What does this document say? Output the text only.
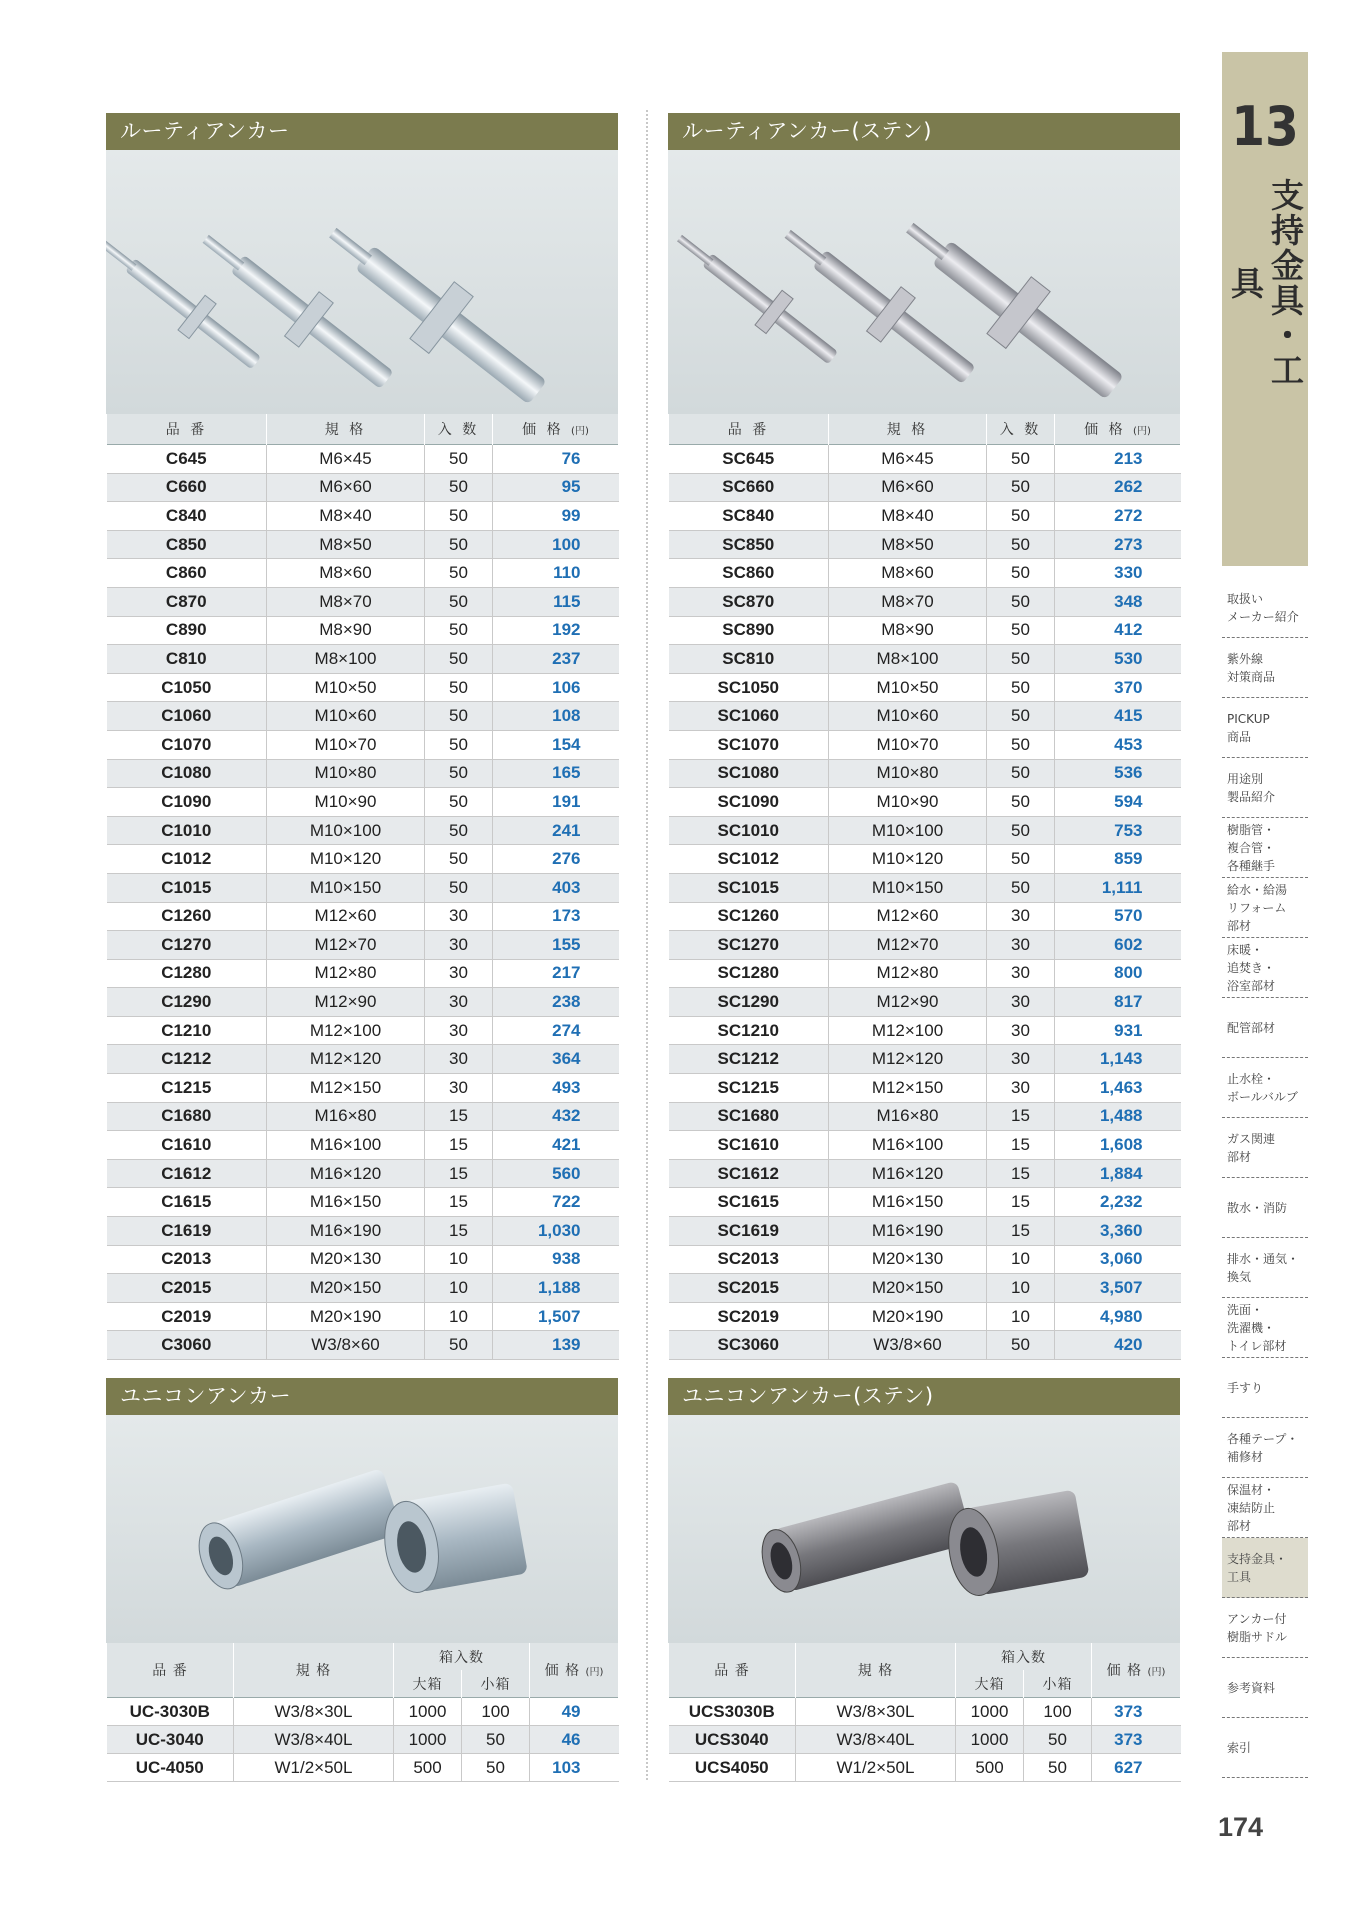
ルーティアンカー
品 番	規 格	入 数	価 格 (円)
C645	M6×45	50	76
C660	M6×60	50	95
C840	M8×40	50	99
C850	M8×50	50	100
C860	M8×60	50	110
C870	M8×70	50	115
C890	M8×90	50	192
C810	M8×100	50	237
C1050	M10×50	50	106
C1060	M10×60	50	108
C1070	M10×70	50	154
C1080	M10×80	50	165
C1090	M10×90	50	191
C1010	M10×100	50	241
C1012	M10×120	50	276
C1015	M10×150	50	403
C1260	M12×60	30	173
C1270	M12×70	30	155
C1280	M12×80	30	217
C1290	M12×90	30	238
C1210	M12×100	30	274
C1212	M12×120	30	364
C1215	M12×150	30	493
C1680	M16×80	15	432
C1610	M16×100	15	421
C1612	M16×120	15	560
C1615	M16×150	15	722
C1619	M16×190	15	1,030
C2013	M20×130	10	938
C2015	M20×150	10	1,188
C2019	M20×190	10	1,507
C3060	W3/8×60	50	139
ルーティアンカー(ステン)
品 番	規 格	入 数	価 格 (円)
SC645	M6×45	50	213
SC660	M6×60	50	262
SC840	M8×40	50	272
SC850	M8×50	50	273
SC860	M8×60	50	330
SC870	M8×70	50	348
SC890	M8×90	50	412
SC810	M8×100	50	530
SC1050	M10×50	50	370
SC1060	M10×60	50	415
SC1070	M10×70	50	453
SC1080	M10×80	50	536
SC1090	M10×90	50	594
SC1010	M10×100	50	753
SC1012	M10×120	50	859
SC1015	M10×150	50	1,111
SC1260	M12×60	30	570
SC1270	M12×70	30	602
SC1280	M12×80	30	800
SC1290	M12×90	30	817
SC1210	M12×100	30	931
SC1212	M12×120	30	1,143
SC1215	M12×150	30	1,463
SC1680	M16×80	15	1,488
SC1610	M16×100	15	1,608
SC1612	M16×120	15	1,884
SC1615	M16×150	15	2,232
SC1619	M16×190	15	3,360
SC2013	M20×130	10	3,060
SC2015	M20×150	10	3,507
SC2019	M20×190	10	4,980
SC3060	W3/8×60	50	420
ユニコンアンカー
品 番	規 格	箱入数		価 格 (円)
		大箱	小箱	
UC-3030B	W3/8×30L	1000	100	49
UC-3040	W3/8×40L	1000	50	46
UC-4050	W1/2×50L	500	50	103
ユニコンアンカー(ステン)
品 番	規 格	箱入数		価 格 (円)
		大箱	小箱	
UCS3030B	W3/8×30L	1000	100	373
UCS3040	W3/8×40L	1000	50	373
UCS4050	W1/2×50L	500	50	627
13
支持金具・工具
取扱い
メーカー紹介
紫外線
対策商品
PICKUP
商品
用途別
製品紹介
樹脂管・
複合管・
各種継手
給水・給湯
リフォーム
部材
床暖・
追焚き・
浴室部材
配管部材
止水栓・
ボールバルブ
ガス関連
部材
散水・消防
排水・通気・
換気
洗面・
洗濯機・
トイレ部材
手すり
各種テープ・
補修材
保温材・
凍結防止
部材
支持金具・
工具
アンカー付
樹脂サドル
参考資料
索引
174
